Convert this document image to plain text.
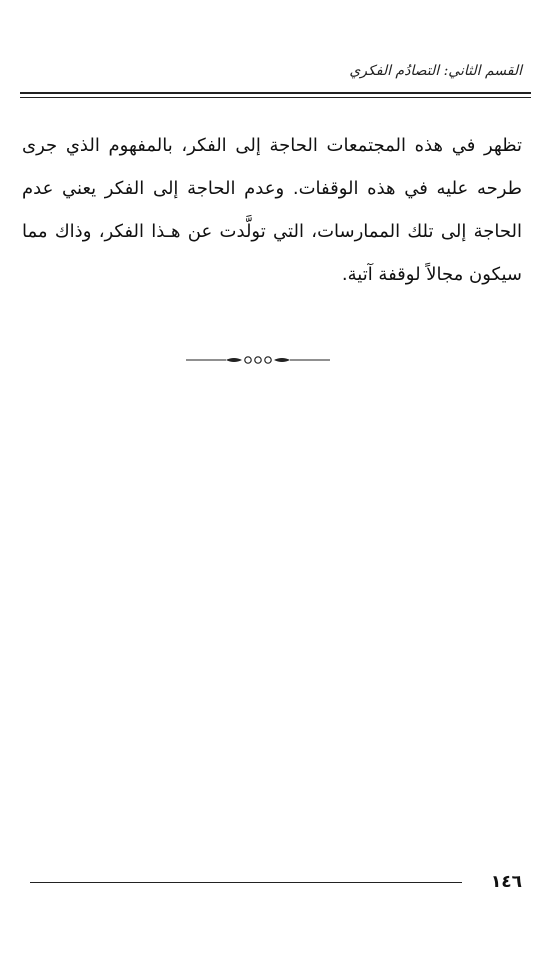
القسم الثاني: التصادُم الفكري

تظهر في هذه المجتمعات الحاجة إلى الفكر، بالمفهوم الذي جرى طرحه عليه في هذه الوقفات. وعدم الحاجة إلى الفكر يعني عدم الحاجة إلى تلك الممارسات، التي تولَّدت عن هـذا الفكر، وذاك مما سيكون مجالاً لوقفة آتية.

١٤٦
